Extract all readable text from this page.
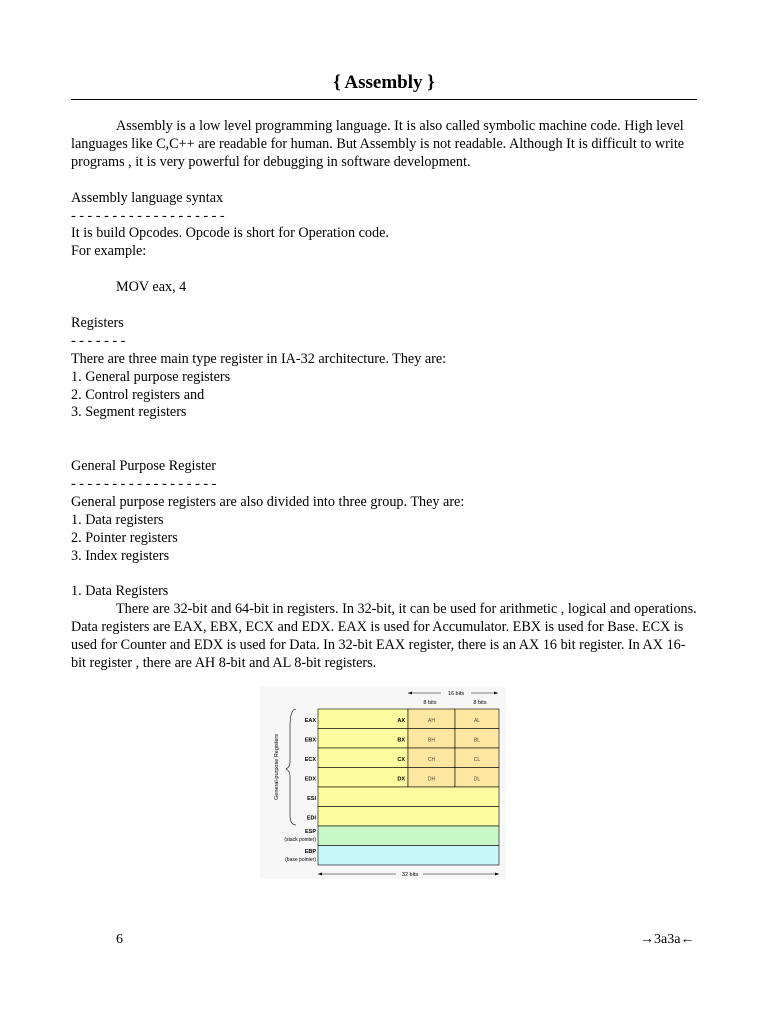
{ Assembly }

Assembly is a low level programming language. It is also called symbolic machine code. High level languages like C,C++ are readable for human. But Assembly is not readable. Although It is difficult to write programs , it is very powerful for debugging in software development.

Assembly language syntax

- - - - - - - - - - - - - - - - - - -

It is build Opcodes. Opcode is short for Operation code.

For example:

MOV eax, 4

Registers

- - - - - - -

There are three main type register in IA-32 architecture. They are:

1. General purpose registers

2. Control registers and

3. Segment registers

General Purpose Register

- - - - - - - - - - - - - - - - - -

General purpose registers are also divided into three group. They are:

1. Data registers

2. Pointer registers

3. Index registers

1. Data Registers

There are 32-bit and 64-bit in registers. In 32-bit, it can be used for arithmetic , logical and operations. Data registers are EAX, EBX, ECX and EDX. EAX is used for Accumulator. EBX is used for Base. ECX is used for Counter and EDX is used for Data. In 32-bit EAX register, there is an AX 16 bit register. In AX 16-bit register , there are AH 8-bit and AL 8-bit registers.

16 bits
8 bits	8 bits
General-purpose Registers
EAX	AX	AH	AL
EBX	BX	BH	BL
ECX	CX	CH	CL
EDX	DX	DH	DL
ESI
EDI
ESP
(stack pointer)
EBP
(base pointer)
32 bits
6	→3a3a←
